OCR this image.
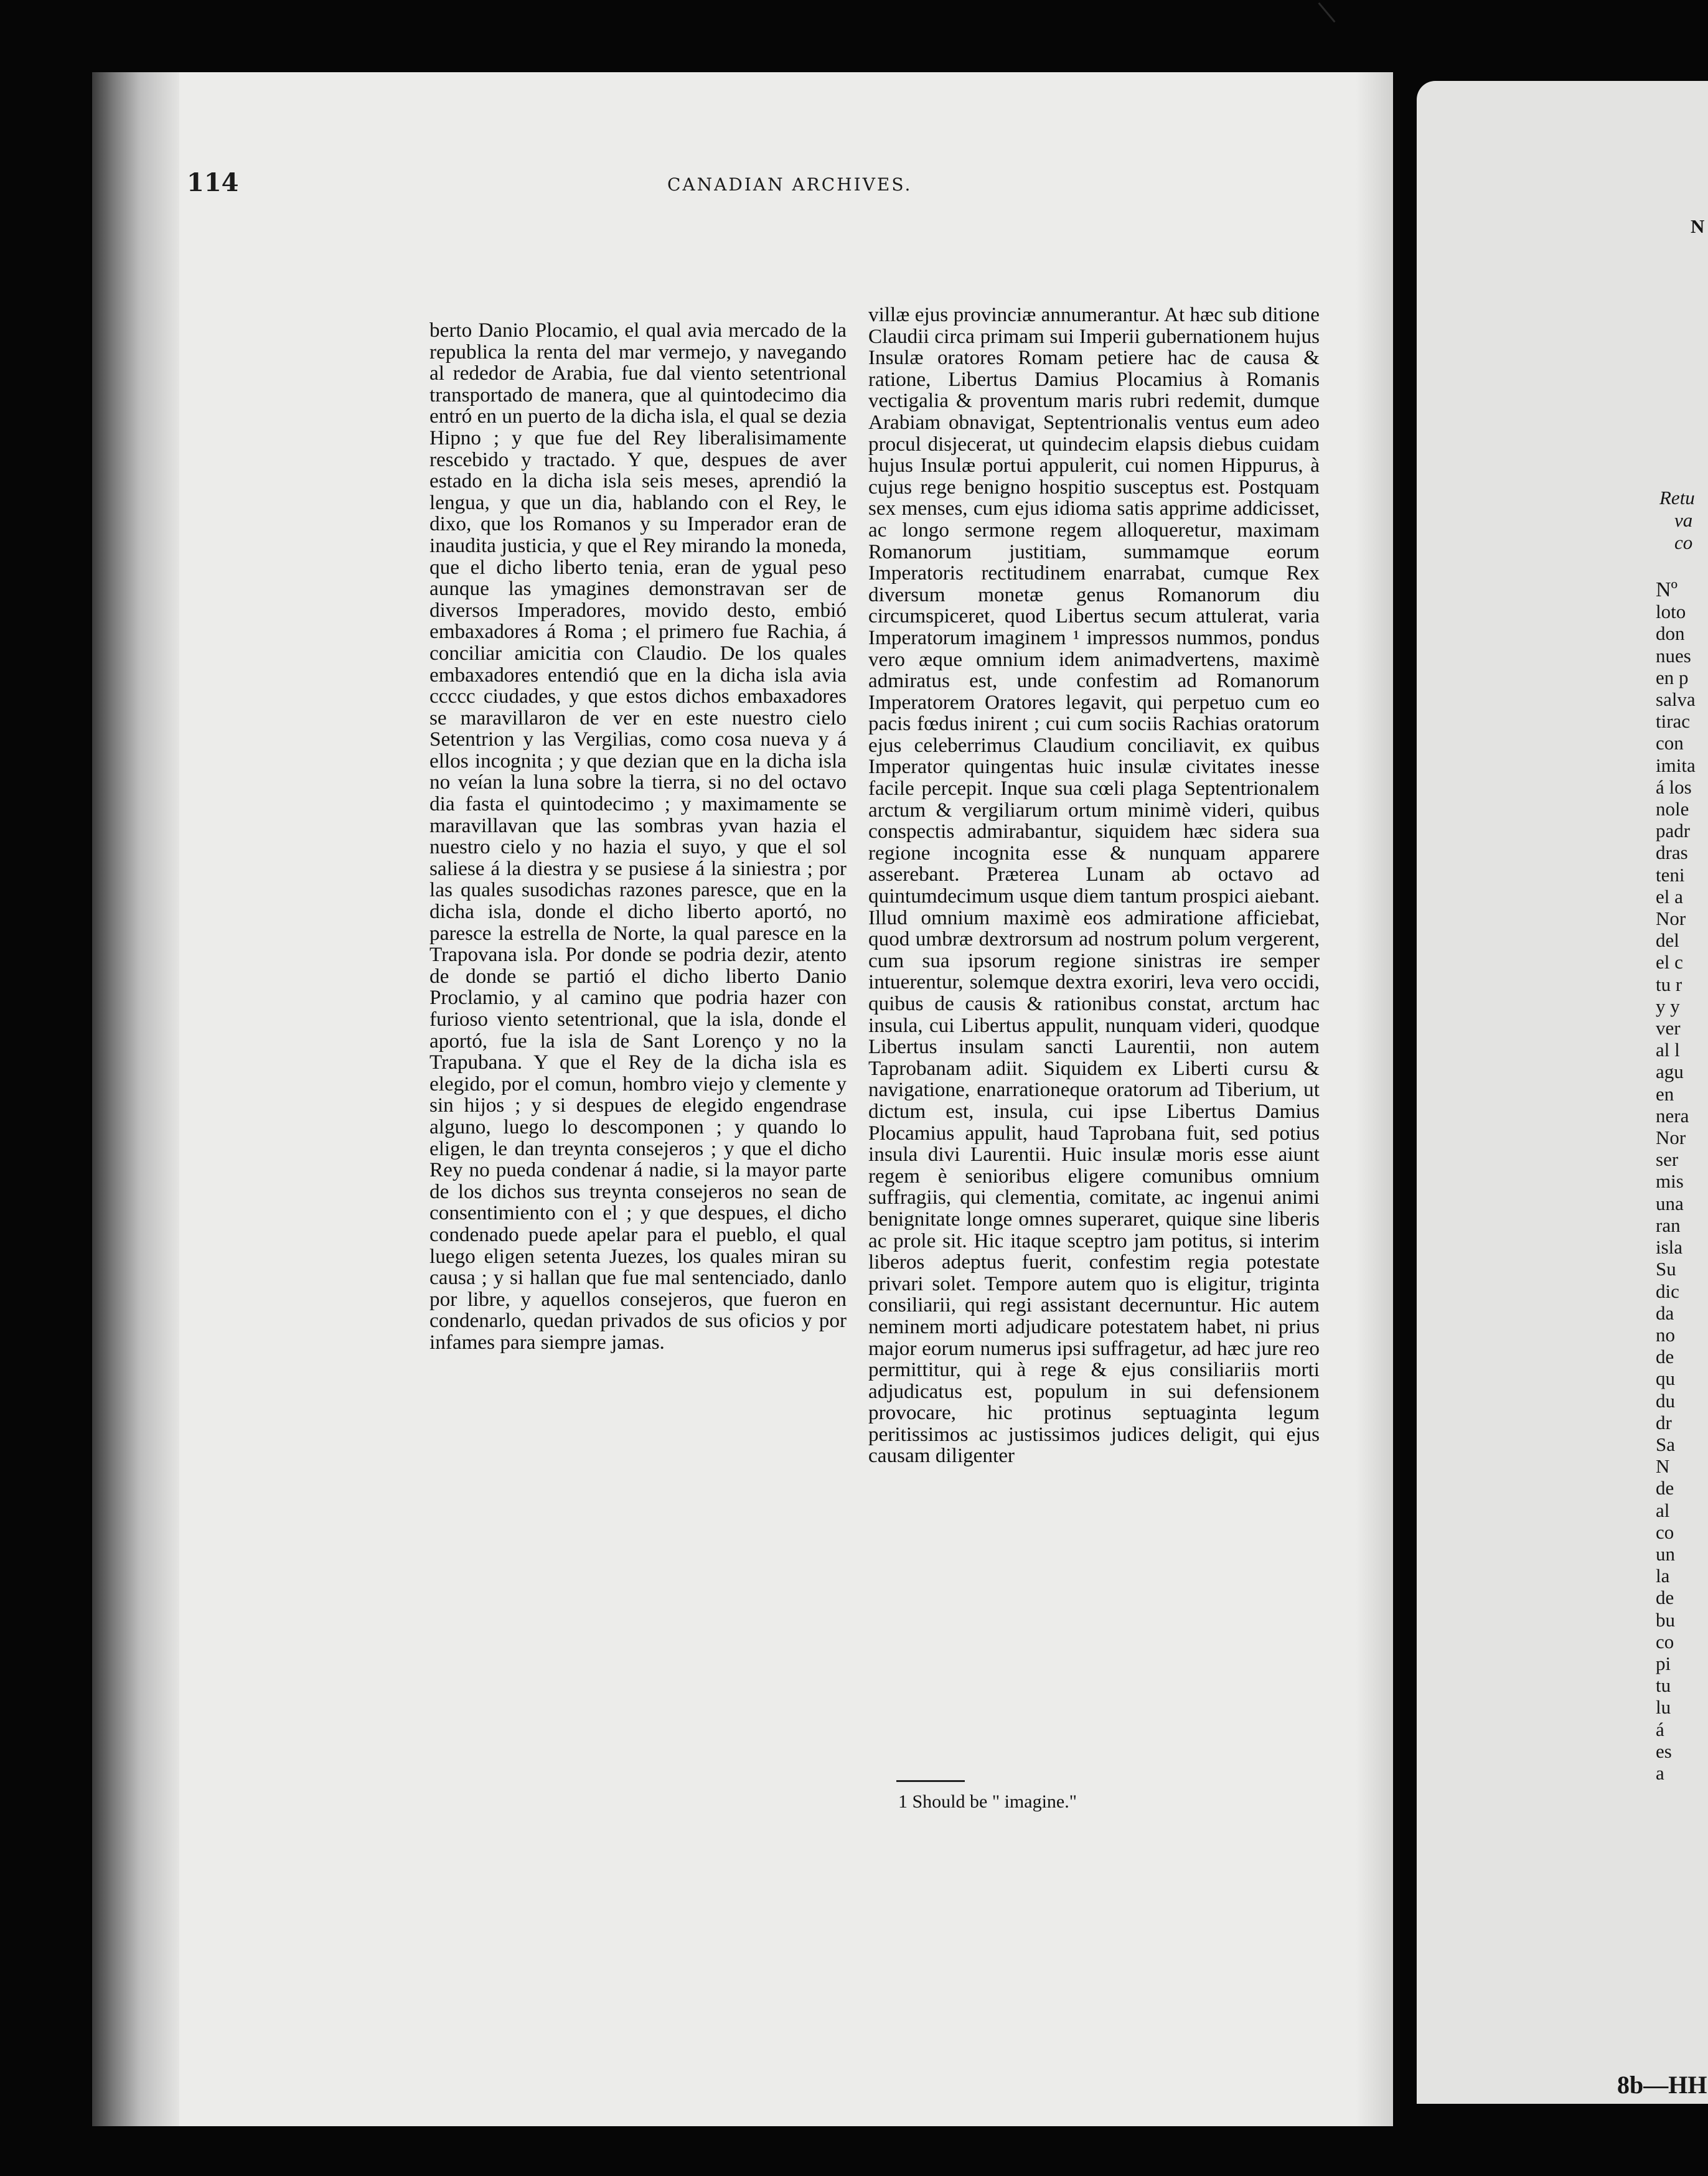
114	CANADIAN ARCHIVES.

berto Danio Plocamio, el qual avia mercado de la republica la renta del mar vermejo, y navegando al rededor de Arabia, fue dal viento setentrional transportado de manera, que al quintodecimo dia entró en un puerto de la dicha isla, el qual se dezia Hipno ; y que fue del Rey liberalisimamente rescebido y tractado. Y que, despues de aver estado en la dicha isla seis meses, aprendió la lengua, y que un dia, hablando con el Rey, le dixo, que los Romanos y su Imperador eran de inaudita justicia, y que el Rey mirando la moneda, que el dicho liberto tenia, eran de ygual peso aunque las ymagines demonstravan ser de diversos Imperadores, movido desto, embió embaxadores á Roma ; el primero fue Rachia, á conciliar amicitia con Claudio. De los quales embaxadores entendió que en la dicha isla avia ccccc ciudades, y que estos dichos embaxadores se maravillaron de ver en este nuestro cielo Setentrion y las Vergilias, como cosa nueva y á ellos incognita ; y que dezian que en la dicha isla no veían la luna sobre la tierra, si no del octavo dia fasta el quintodecimo ; y maximamente se maravillavan que las sombras yvan hazia el nuestro cielo y no hazia el suyo, y que el sol saliese á la diestra y se pusiese á la siniestra ; por las quales susodichas razones paresce, que en la dicha isla, donde el dicho liberto aportó, no paresce la estrella de Norte, la qual paresce en la Trapovana isla. Por donde se podria dezir, atento de donde se partió el dicho liberto Danio Proclamio, y al camino que podria hazer con furioso viento setentrional, que la isla, donde el aportó, fue la isla de Sant Lorenço y no la Trapubana. Y que el Rey de la dicha isla es elegido, por el comun, hombro viejo y clemente y sin hijos ; y si despues de elegido engendrase alguno, luego lo descomponen ; y quando lo eligen, le dan treynta consejeros ; y que el dicho Rey no pueda condenar á nadie, si la mayor parte de los dichos sus treynta consejeros no sean de consentimiento con el ; y que despues, el dicho condenado puede apelar para el pueblo, el qual luego eligen setenta Juezes, los quales miran su causa ; y si hallan que fue mal sentenciado, danlo por libre, y aquellos consejeros, que fueron en condenarlo, quedan privados de sus oficios y por infames para siempre jamas.

villæ ejus provinciæ annumerantur. At hæc sub ditione Claudii circa primam sui Imperii gubernationem hujus Insulæ oratores Romam petiere hac de causa & ratione, Libertus Damius Plocamius à Romanis vectigalia & proventum maris rubri redemit, dumque Arabiam obnavigat, Septentrionalis ventus eum adeo procul disjecerat, ut quindecim elapsis diebus cuidam hujus Insulæ portui appulerit, cui nomen Hippurus, à cujus rege benigno hospitio susceptus est. Postquam sex menses, cum ejus idioma satis apprime addicisset, ac longo sermone regem alloqueretur, maximam Romanorum justitiam, summamque eorum Imperatoris rectitudinem enarrabat, cumque Rex diversum monetæ genus Romanorum diu circumspiceret, quod Libertus secum attulerat, varia Imperatorum imaginem ¹ impressos nummos, pondus vero æque omnium idem animadvertens, maximè admiratus est, unde confestim ad Romanorum Imperatorem Oratores legavit, qui perpetuo cum eo pacis fœdus inirent ; cui cum sociis Rachias oratorum ejus celeberrimus Claudium conciliavit, ex quibus Imperator quingentas huic insulæ civitates inesse facile percepit. Inque sua cœli plaga Septentrionalem arctum & vergiliarum ortum minimè videri, quibus conspectis admirabantur, siquidem hæc sidera sua regione incognita esse & nunquam apparere asserebant. Præterea Lunam ab octavo ad quintumdecimum usque diem tantum prospici aiebant. Illud omnium maximè eos admiratione afficiebat, quod umbræ dextrorsum ad nostrum polum vergerent, cum sua ipsorum regione sinistras ire semper intuerentur, solemque dextra exoriri, leva vero occidi, quibus de causis & rationibus constat, arctum hac insula, cui Libertus appulit, nunquam videri, quodque Libertus insulam sancti Laurentii, non autem Taprobanam adiit. Siquidem ex Liberti cursu & navigatione, enarrationeque oratorum ad Tiberium, ut dictum est, insula, cui ipse Libertus Damius Plocamius appulit, haud Taprobana fuit, sed potius insula divi Laurentii. Huic insulæ moris esse aiunt regem è senioribus eligere comunibus omnium suffragiis, qui clementia, comitate, ac ingenui animi benignitate longe omnes superaret, quique sine liberis ac prole sit. Hic itaque sceptro jam potitus, si interim liberos adeptus fuerit, confestim regia potestate privari solet. Tempore autem quo is eligitur, triginta consiliarii, qui regi assistant decernuntur. Hic autem neminem morti adjudicare potestatem habet, ni prius major eorum numerus ipsi suffragetur, ad hæc jure reo permittitur, qui à rege & ejus consiliariis morti adjudicatus est, populum in sui defensionem provocare, hic protinus septuaginta legum peritissimos ac justissimos judices deligit, qui ejus causam diligenter

1 Should be " imagine."
N
Retu
va
co
Nº
loto
don
nues
en p
salva
tirac
con
imita
á los
nole
padr
dras
teni
el a
Nor
del
el c
tu r
y y
ver
al l
agu
en
nera
Nor
ser
mis
una
ran
isla
Su
dic
da
no
de
qu
du
dr
Sa
N
de
al
co
un
la
de
bu
co
pi
tu
lu
á
es
a
8b—HH
